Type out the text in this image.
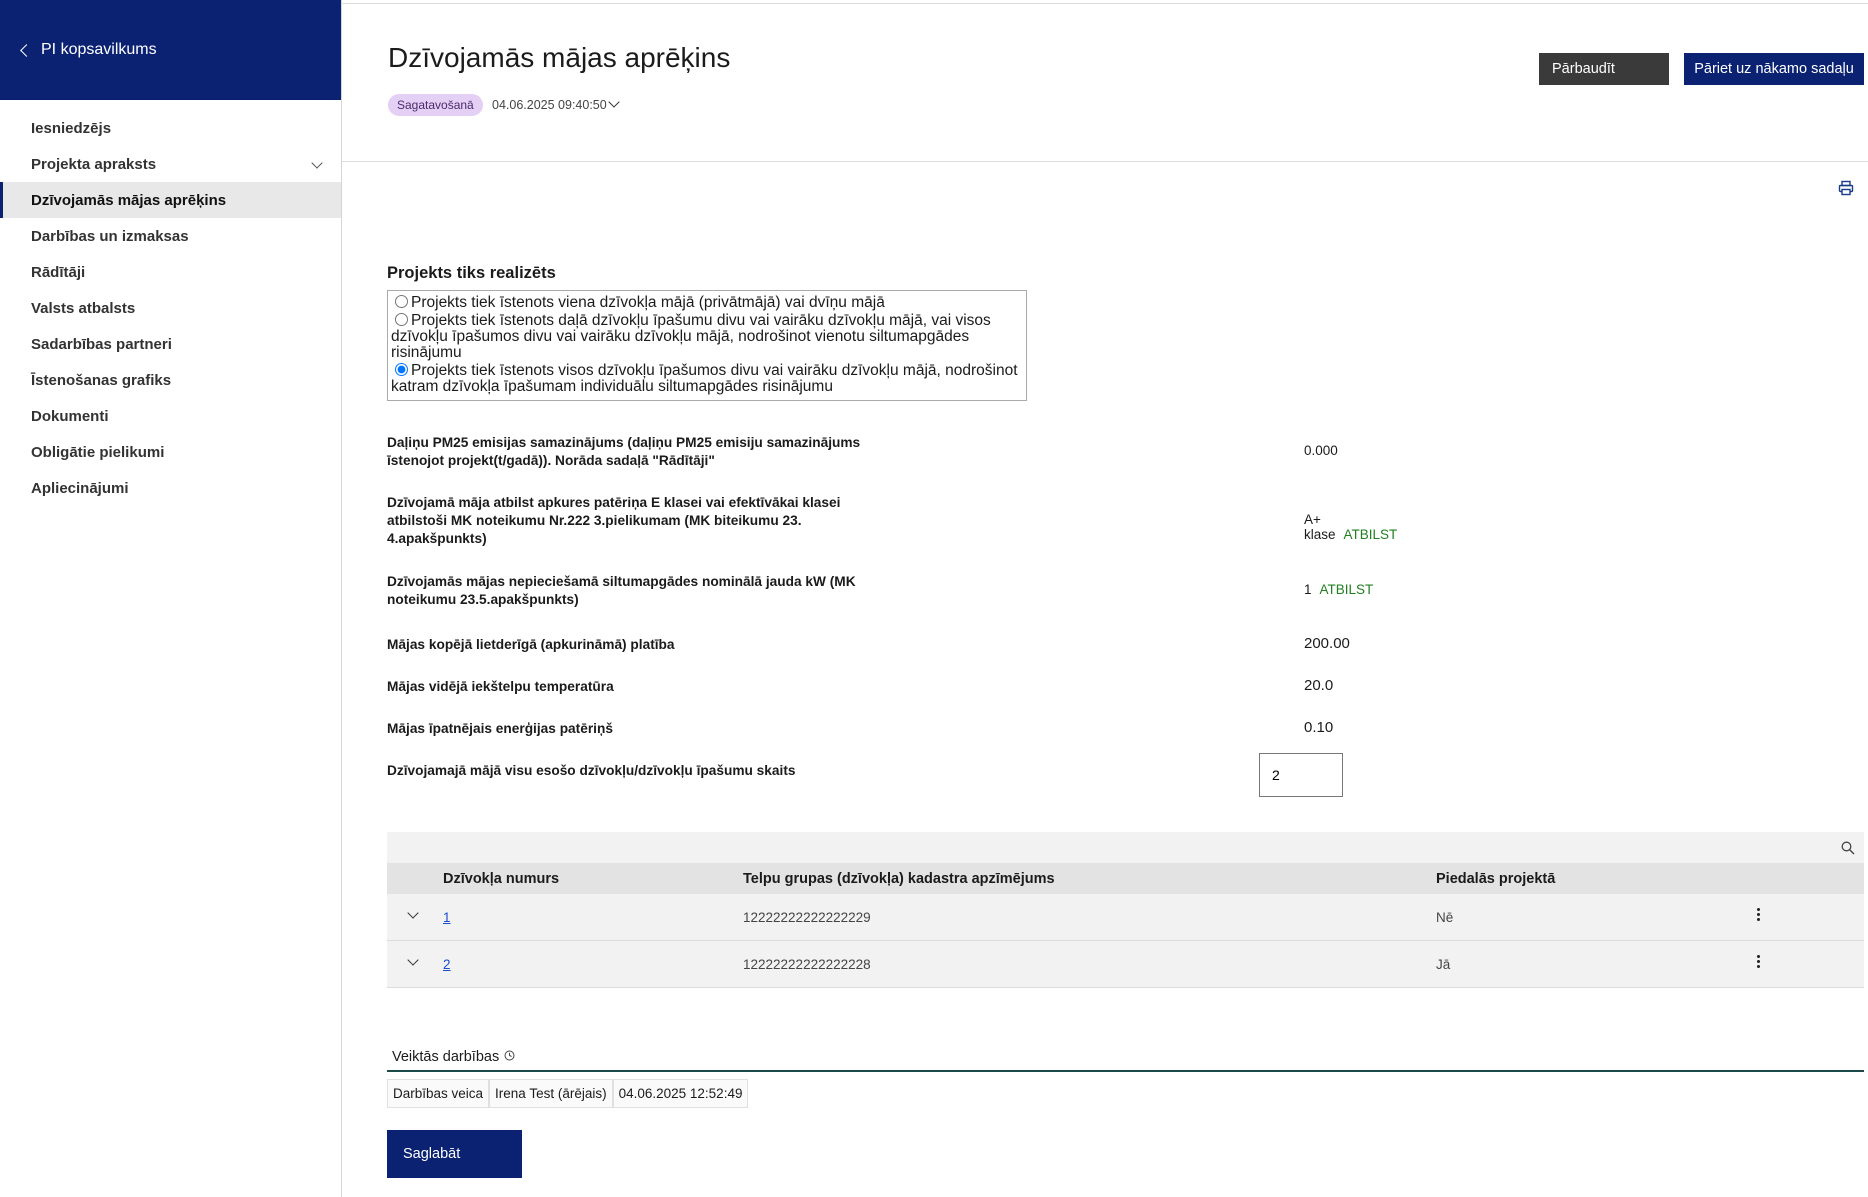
PI kopsavilkums
Iesniedzējs
Projekta apraksts
Dzīvojamās mājas aprēķins
Darbības un izmaksas
Rādītāji
Valsts atbalsts
Sadarbības partneri
Īstenošanas grafiks
Dokumenti
Obligātie pielikumi
Apliecinājumi
Dzīvojamās mājas aprēķins
Sagatavošanā	04.06.2025 09:40:50
Pārbaudīt	Pāriet uz nākamo sadaļu
Projekts tiks realizēts
Projekts tiek īstenots viena dzīvokļa mājā (privātmājā) vai dvīņu mājā
Projekts tiek īstenots daļā dzīvokļu īpašumu divu vai vairāku dzīvokļu mājā, vai visos dzīvokļu īpašumos divu vai vairāku dzīvokļu mājā, nodrošinot vienotu siltumapgādes risinājumu
Projekts tiek īstenots visos dzīvokļu īpašumos divu vai vairāku dzīvokļu mājā, nodrošinot katram dzīvokļa īpašumam individuālu siltumapgādes risinājumu
Daļiņu PM25 emisijas samazinājums (daļiņu PM25 emisiju samazinājums īstenojot projekt(t/gadā)). Norāda sadaļā "Rādītāji"
0.000
Dzīvojamā māja atbilst apkures patēriņa E klasei vai efektīvākai klasei atbilstoši MK noteikumu Nr.222 3.pielikumam (MK biteikumu 23. 4.apakšpunkts)
A+ klase ATBILST
Dzīvojamās mājas nepieciešamā siltumapgādes nominālā jauda kW (MK noteikumu 23.5.apakšpunkts)
1 ATBILST
Mājas kopējā lietderīgā (apkurināmā) platība	200.00
Mājas vidējā iekštelpu temperatūra	20.0
Mājas īpatnējais enerģijas patēriņš	0.10
Dzīvojamajā mājā visu esošo dzīvokļu/dzīvokļu īpašumu skaits
2
Dzīvokļa numurs	Telpu grupas (dzīvokļa) kadastra apzīmējums	Piedalās projektā
1	12222222222222229	Nē
2	12222222222222228	Jā
Veiktās darbības
Darbības veica Irena Test (ārējais) 04.06.2025 12:52:49
Saglabāt
